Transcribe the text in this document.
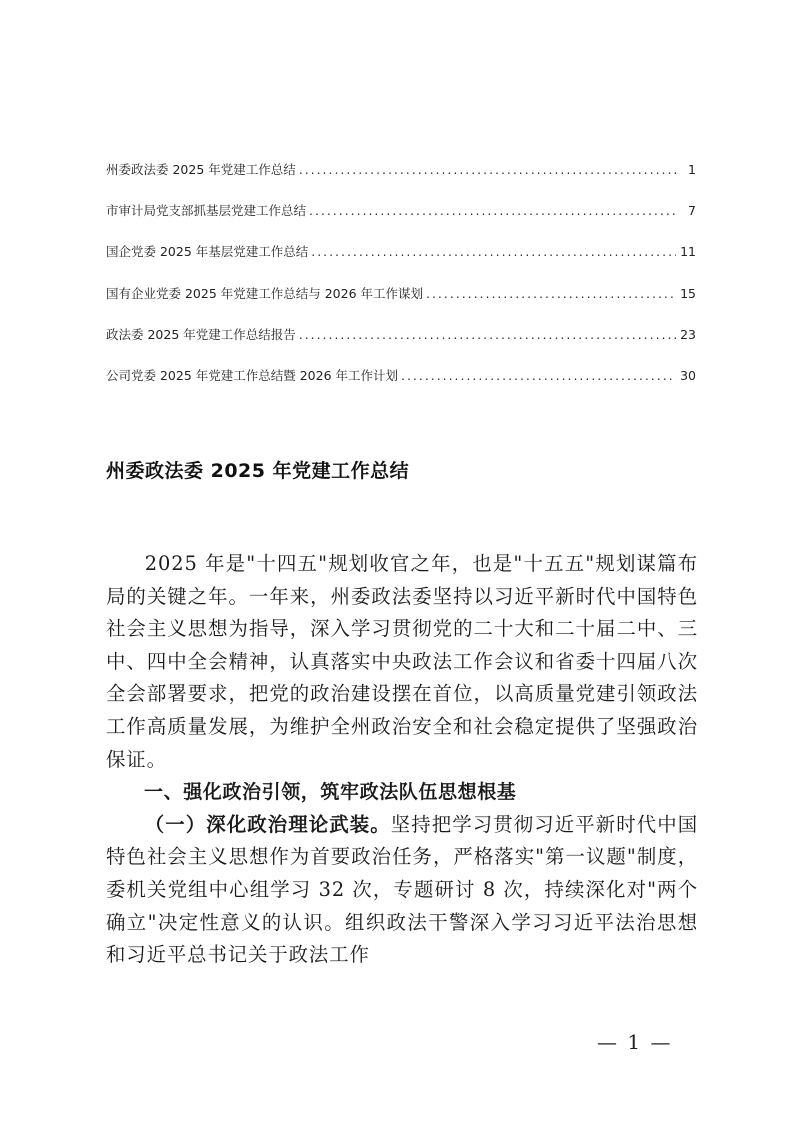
州委政法委 2025 年党建工作总结 . . .	1
市审计局党支部抓基层党建工作总结 . . .	7
国企党委 2025 年基层党建工作总结 . . .	11
国有企业党委 2025 年党建工作总结与 2026 年工作谋划 . . .	15
政法委 2025 年党建工作总结报告 . . .	23
公司党委 2025 年党建工作总结暨 2026 年工作计划 . . .	30
州委政法委 2025 年党建工作总结

2025 年是"十四五"规划收官之年，也是"十五五"规划谋篇布局的关键之年。一年来，州委政法委坚持以习近平新时代中国特色社会主义思想为指导，深入学习贯彻党的二十大和二十届二中、三中、四中全会精神，认真落实中央政法工作会议和省委十四届八次全会部署要求，把党的政治建设摆在首位，以高质量党建引领政法工作高质量发展，为维护全州政治安全和社会稳定提供了坚强政治保证。

一、强化政治引领，筑牢政法队伍思想根基

（一）深化政治理论武装。坚持把学习贯彻习近平新时代中国特色社会主义思想作为首要政治任务，严格落实"第一议题"制度，委机关党组中心组学习 32 次，专题研讨 8 次，持续深化对"两个确立"决定性意义的认识。组织政法干警深入学习习近平法治思想和习近平总书记关于政法工作

— 1 —
